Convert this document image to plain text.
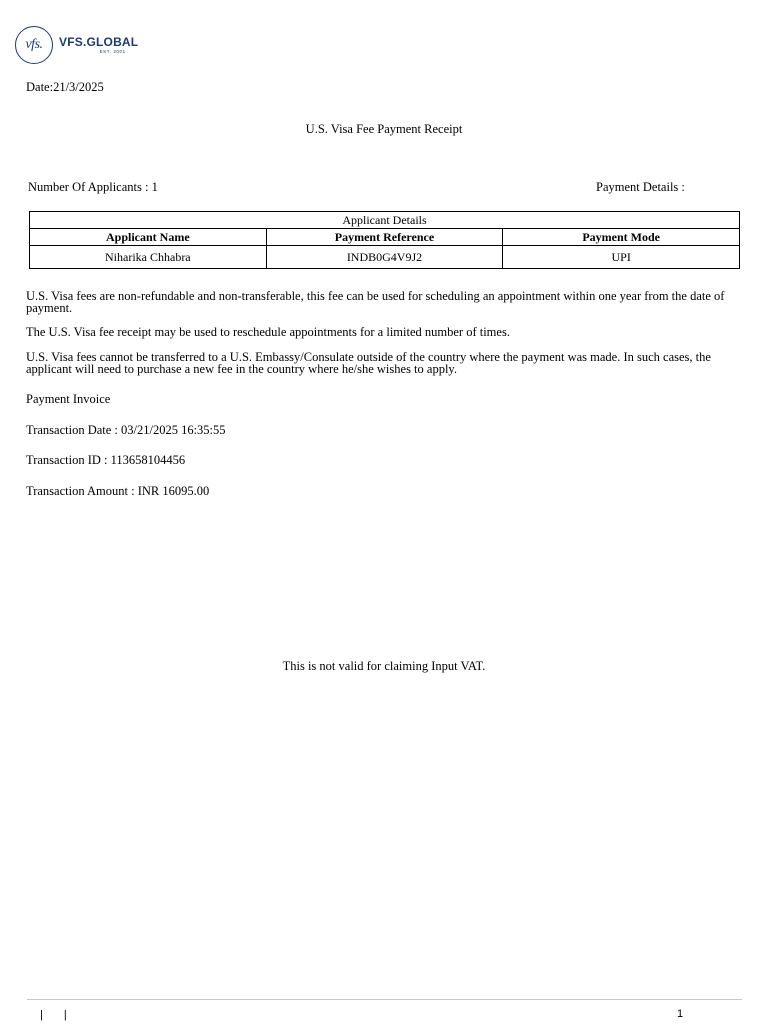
vfs.	VFS.GLOBAL
EST. 2001
Date:21/3/2025
U.S. Visa Fee Payment Receipt
Number Of Applicants : 1	Payment Details :
Applicant Details		
Applicant Name	Payment Reference	Payment Mode
Niharika Chhabra	INDB0G4V9J2	UPI
U.S. Visa fees are non-refundable and non-transferable, this fee can be used for scheduling an appointment within one year from the date of payment.
The U.S. Visa fee receipt may be used to reschedule appointments for a limited number of times.
U.S. Visa fees cannot be transferred to a U.S. Embassy/Consulate outside of the country where the payment was made. In such cases, the applicant will need to purchase a new fee in the country where he/she wishes to apply.
Payment Invoice
Transaction Date : 03/21/2025 16:35:55
Transaction ID : 113658104456
Transaction Amount : INR 16095.00
This is not valid for claiming Input VAT.
| |	1
